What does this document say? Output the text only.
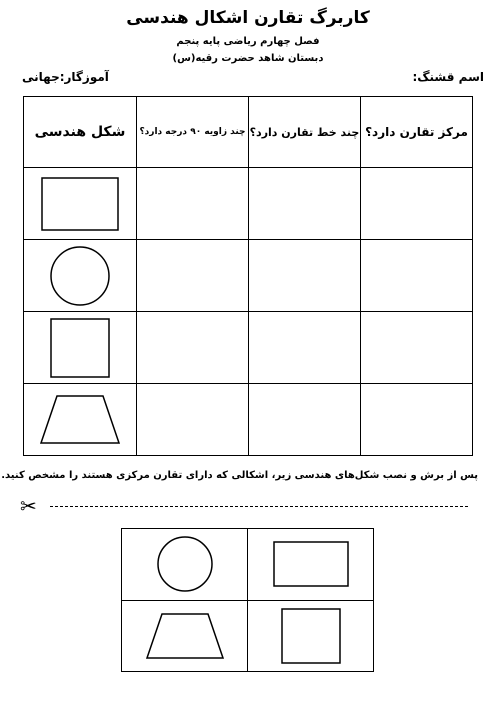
کاربرگ تقارن اشکال هندسی
فصل چهارم ریاضی پایه پنجم
دبستان شاهد حضرت رقیه(س)
اسم قشنگ:
آموزگار:جهانی
مرکز تقارن دارد؟	چند خط تقارن دارد؟	چند زاویه ۹۰ درجه دارد؟	شکل هندسی

پس از برش و نصب شکل‌های هندسی زیر، اشکالی که دارای تقارن مرکزی هستند را مشخص کنید.
✂
